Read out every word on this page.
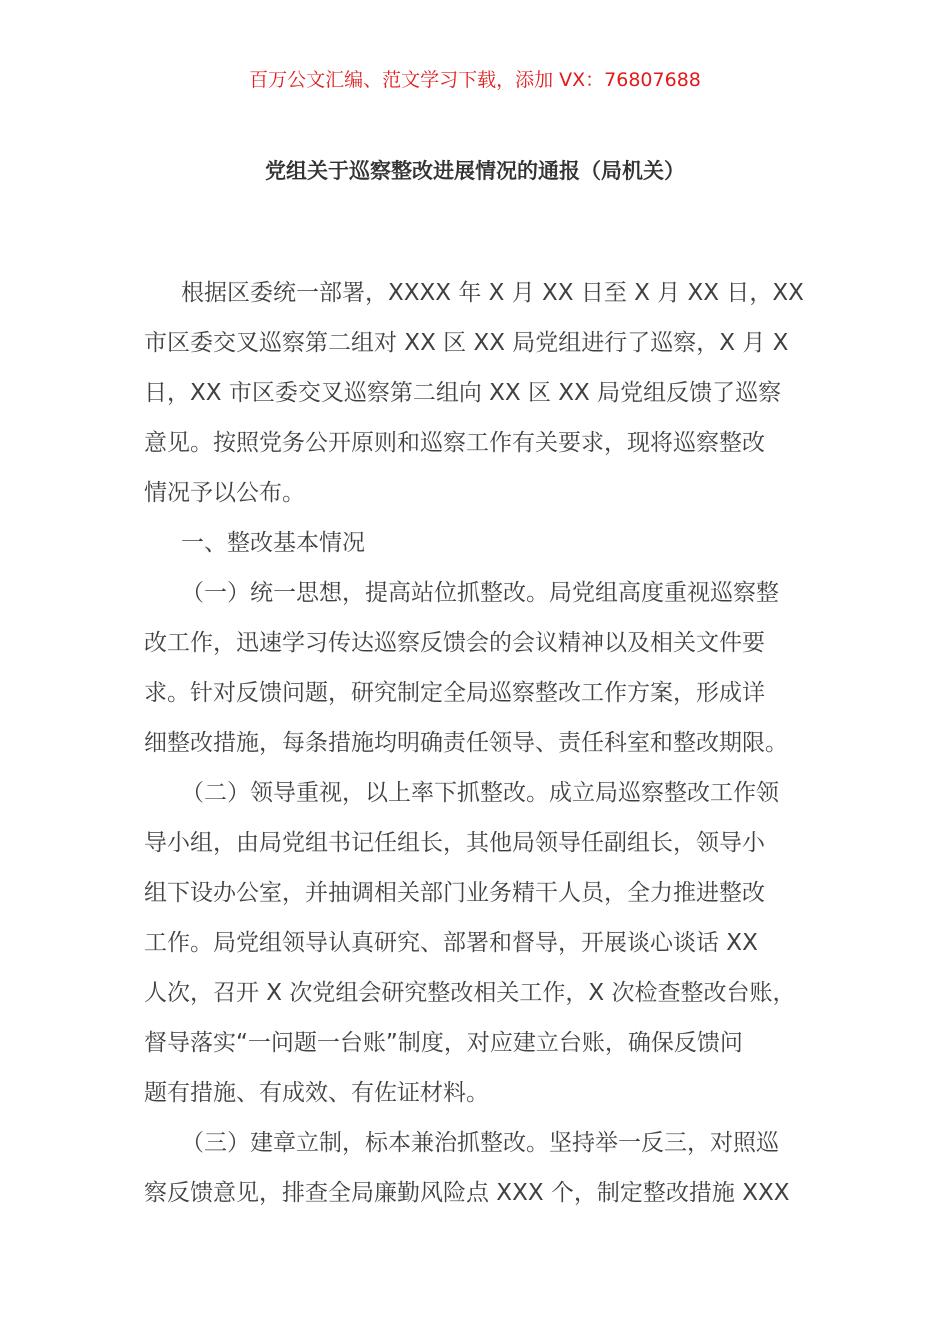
百万公文汇编、范文学习下载，添加 VX：76807688
党组关于巡察整改进展情况的通报（局机关）
根据区委统一部署，XXXX 年 X 月 XX 日至 X 月 XX 日，XX
市区委交叉巡察第二组对 XX 区 XX 局党组进行了巡察，X 月 X
日，XX 市区委交叉巡察第二组向 XX 区 XX 局党组反馈了巡察
意见。按照党务公开原则和巡察工作有关要求，现将巡察整改
情况予以公布。
一、整改基本情况
（一）统一思想，提高站位抓整改。局党组高度重视巡察整
改工作，迅速学习传达巡察反馈会的会议精神以及相关文件要
求。针对反馈问题，研究制定全局巡察整改工作方案，形成详
细整改措施，每条措施均明确责任领导、责任科室和整改期限。
（二）领导重视，以上率下抓整改。成立局巡察整改工作领
导小组，由局党组书记任组长，其他局领导任副组长，领导小
组下设办公室，并抽调相关部门业务精干人员，全力推进整改
工作。局党组领导认真研究、部署和督导，开展谈心谈话 XX
人次，召开 X 次党组会研究整改相关工作，X 次检查整改台账，
督导落实“一问题一台账”制度，对应建立台账，确保反馈问
题有措施、有成效、有佐证材料。
（三）建章立制，标本兼治抓整改。坚持举一反三，对照巡
察反馈意见，排查全局廉勤风险点 XXX 个，制定整改措施 XXX
